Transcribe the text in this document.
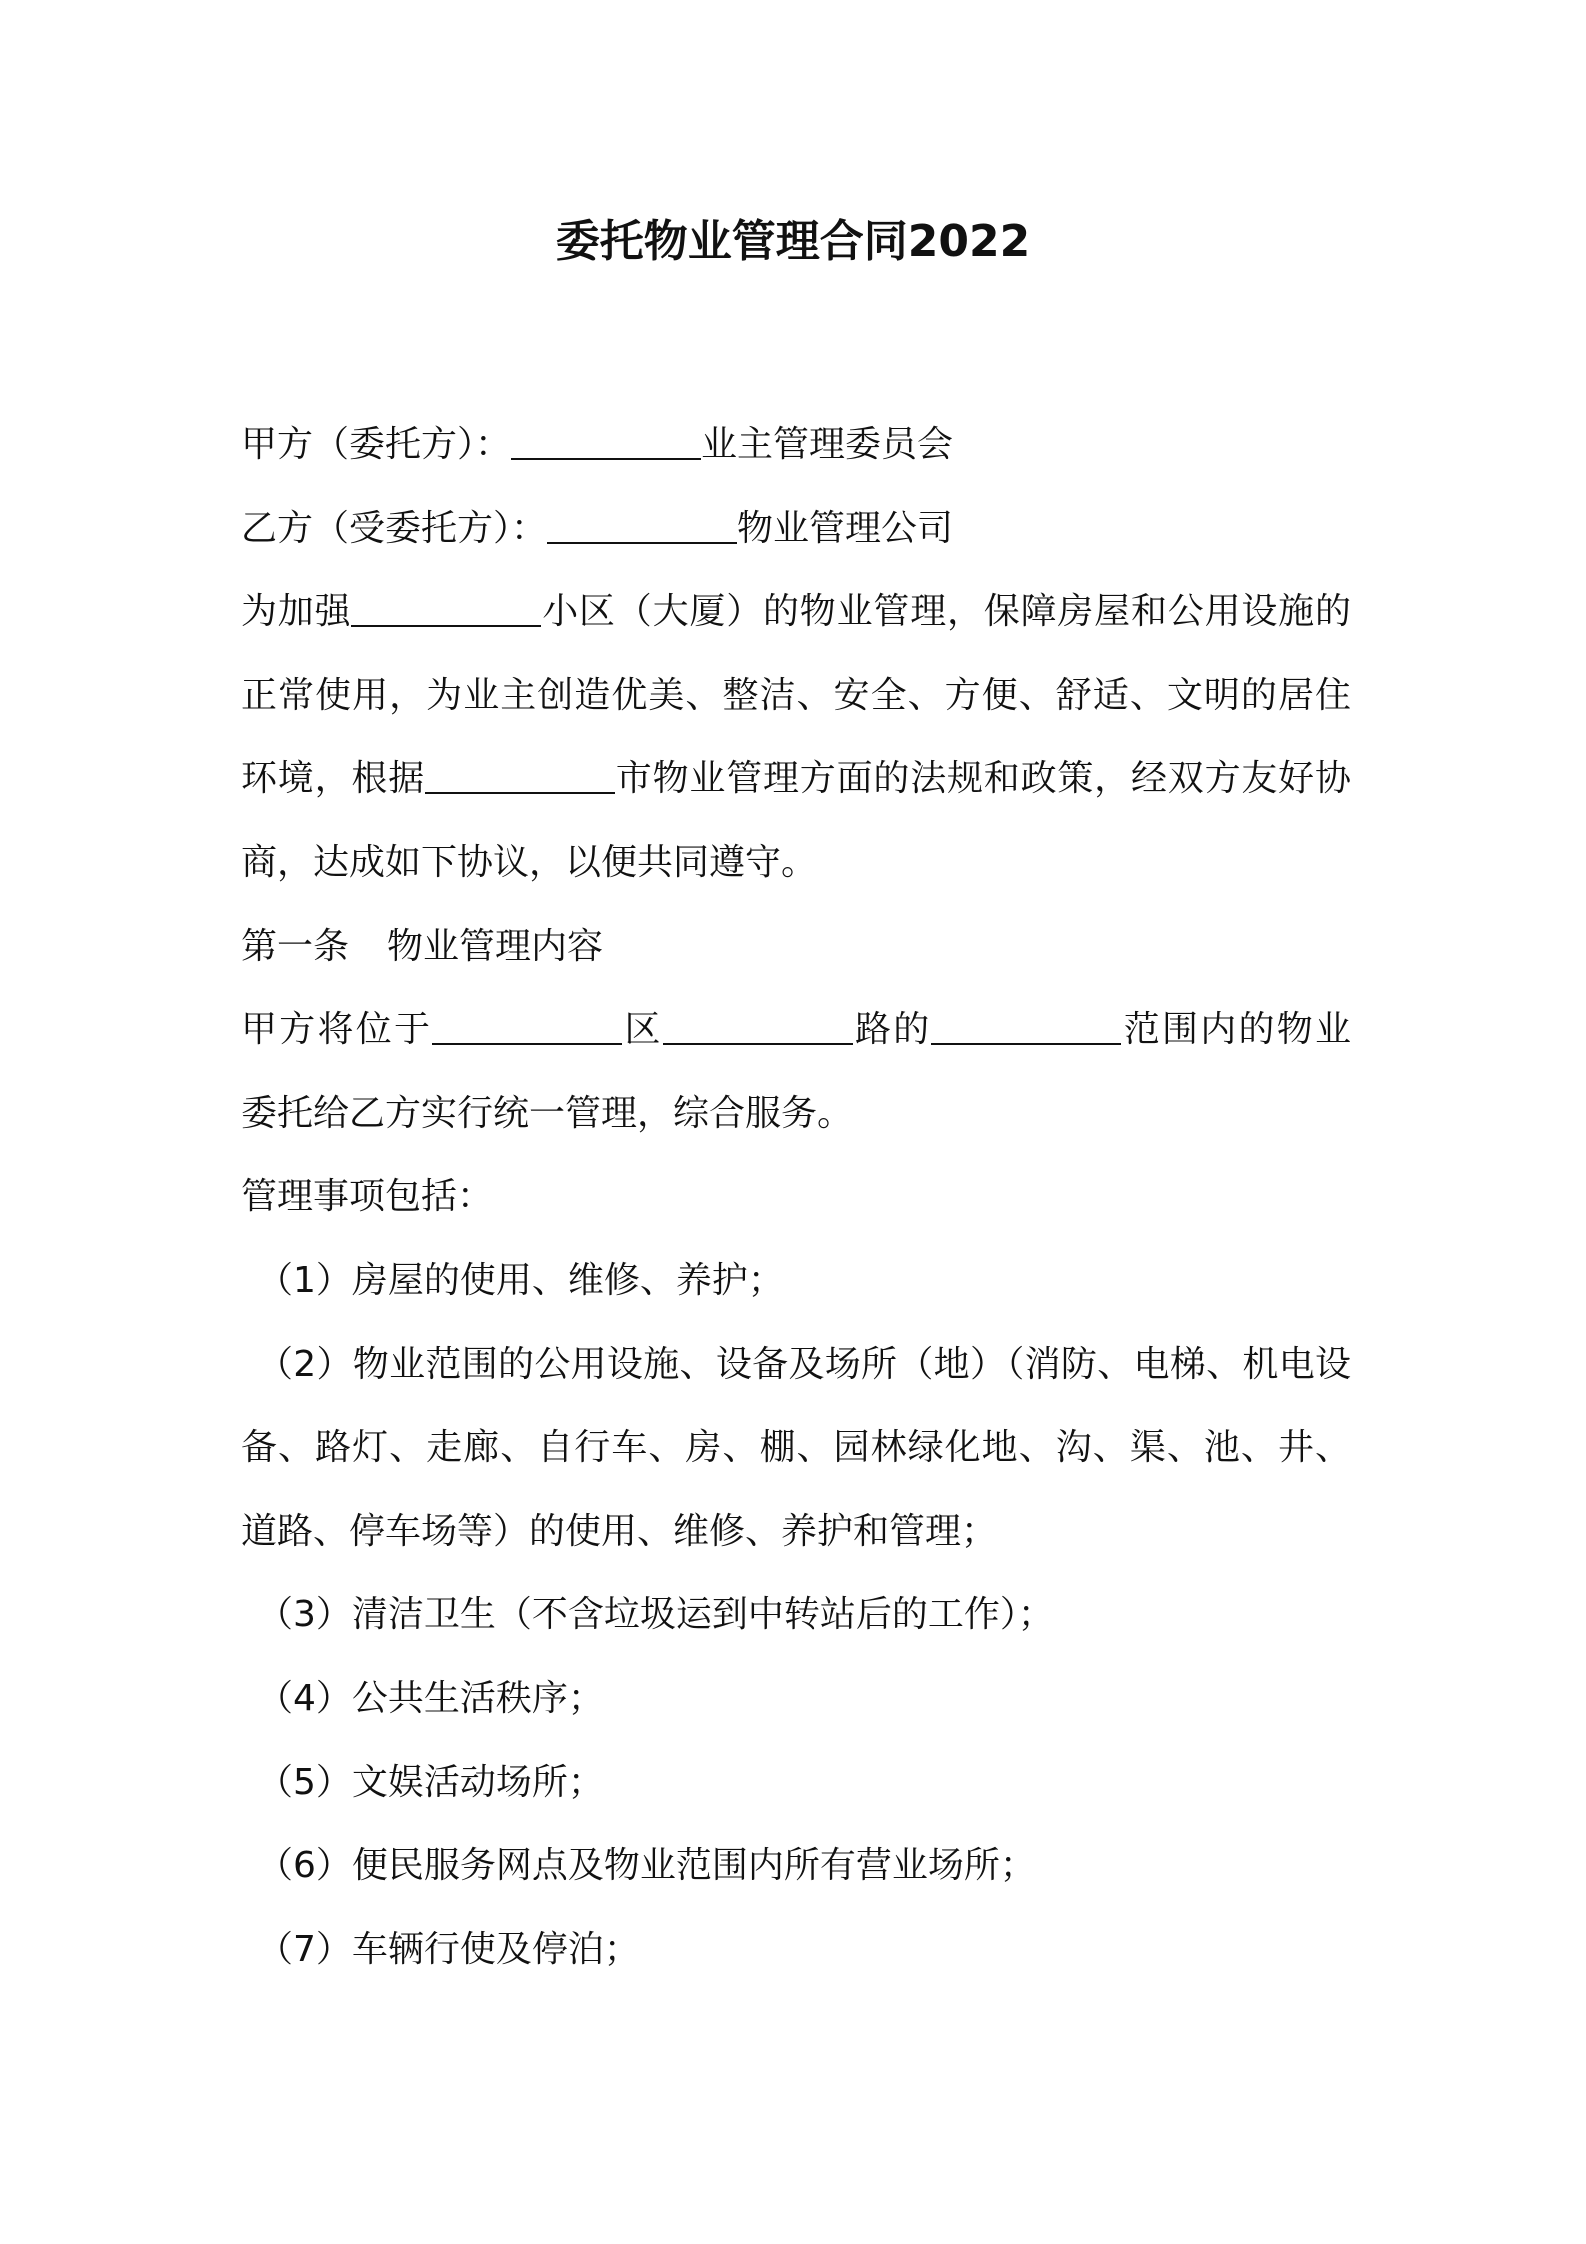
委托物业管理合同2022
甲方（委托方）：	业主管理委员会
乙方（受委托方）：	物业管理公司
为加强	小区（大厦）的物业管理，保障房屋和公用设施的
正常使用，为业主创造优美、整洁、安全、方便、舒适、文明的居住
环境，根据	市物业管理方面的法规和政策，经双方友好协
商，达成如下协议，以便共同遵守。
第一条 物业管理内容
甲方将位于	区	路的	范围内的物业
委托给乙方实行统一管理，综合服务。
管理事项包括：
（1）房屋的使用、维修、养护；
（2）物业范围的公用设施、设备及场所（地）（消防、电梯、机电设
备、路灯、走廊、自行车、房、棚、园林绿化地、沟、渠、池、井、
道路、停车场等）的使用、维修、养护和管理；
（3）清洁卫生（不含垃圾运到中转站后的工作）；
（4）公共生活秩序；
（5）文娱活动场所；
（6）便民服务网点及物业范围内所有营业场所；
（7）车辆行使及停泊；
